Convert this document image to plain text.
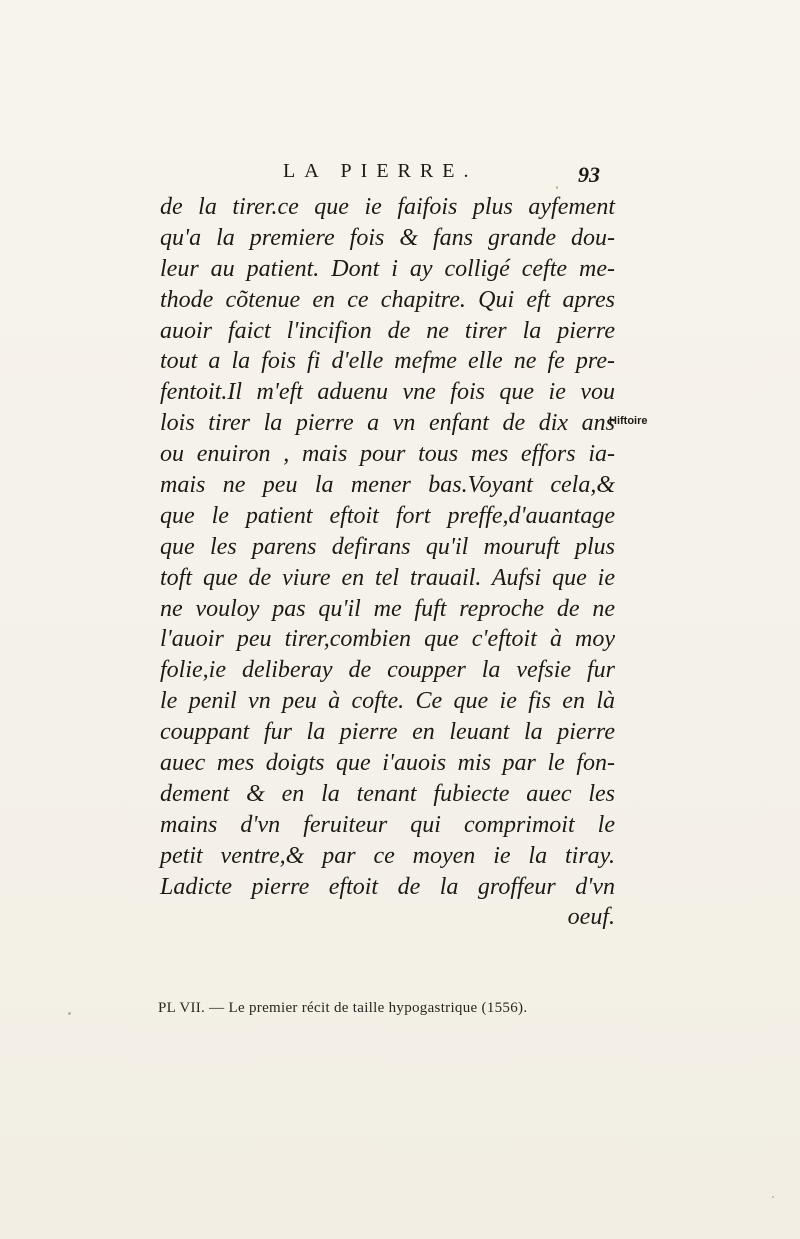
LA PIERRE.	93
Hiftoire
de la tirer.ce que ie faifois plus ayfement
qu'a la premiere fois & fans grande dou-
leur au patient. Dont i ay colligé cefte me-
thode cõtenue en ce chapitre. Qui eft apres
auoir faict l'incifion de ne tirer la pierre
tout a la fois fi d'elle mefme elle ne fe pre-
fentoit.Il m'eft aduenu vne fois que ie vou
lois tirer la pierre a vn enfant de dix ans
ou enuiron , mais pour tous mes effors ia-
mais ne peu la mener bas.Voyant cela,&
que le patient eftoit fort preffe,d'auantage
que les parens defirans qu'il mouruft plus
toft que de viure en tel trauail. Aufsi que ie
ne vouloy pas qu'il me fuft reproche de ne
l'auoir peu tirer,combien que c'eftoit à moy
folie,ie deliberay de coupper la vefsie fur
le penil vn peu à cofte. Ce que ie fis en là
couppant fur la pierre en leuant la pierre
auec mes doigts que i'auois mis par le fon-
dement & en la tenant fubiecte auec les
mains d'vn feruiteur qui comprimoit le
petit ventre,& par ce moyen ie la tiray.
Ladicte pierre eftoit de la groffeur d'vn
oeuf.
PL VII. — Le premier récit de taille hypogastrique (1556).
